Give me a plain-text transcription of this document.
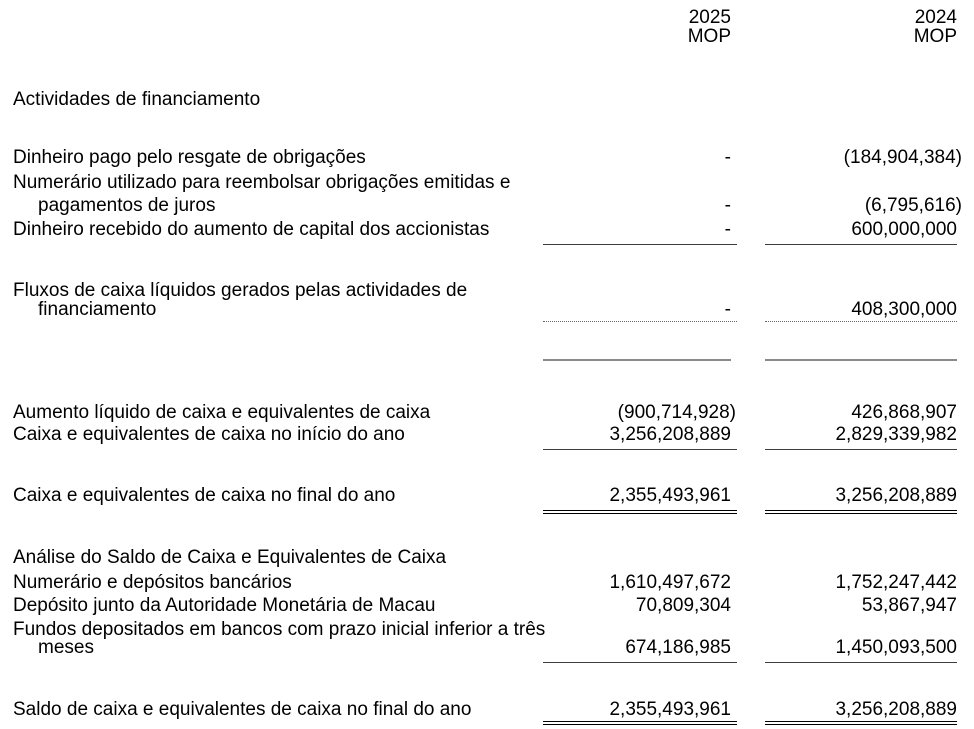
2025
MOP
2024
MOP
Actividades de financiamento
Dinheiro pago pelo resgate de obrigações	-	(184,904,384)
Numerário utilizado para reembolsar obrigações emitidas e
pagamentos de juros	-	(6,795,616)
Dinheiro recebido do aumento de capital dos accionistas	-	600,000,000
Fluxos de caixa líquidos gerados pelas actividades de
financiamento	-	408,300,000
Aumento líquido de caixa e equivalentes de caixa	(900,714,928)	426,868,907
Caixa e equivalentes de caixa no início do ano	3,256,208,889	2,829,339,982
Caixa e equivalentes de caixa no final do ano	2,355,493,961	3,256,208,889
Análise do Saldo de Caixa e Equivalentes de Caixa
Numerário e depósitos bancários	1,610,497,672	1,752,247,442
Depósito junto da Autoridade Monetária de Macau	70,809,304	53,867,947
Fundos depositados em bancos com prazo inicial inferior a três
meses	674,186,985	1,450,093,500
Saldo de caixa e equivalentes de caixa no final do ano	2,355,493,961	3,256,208,889
